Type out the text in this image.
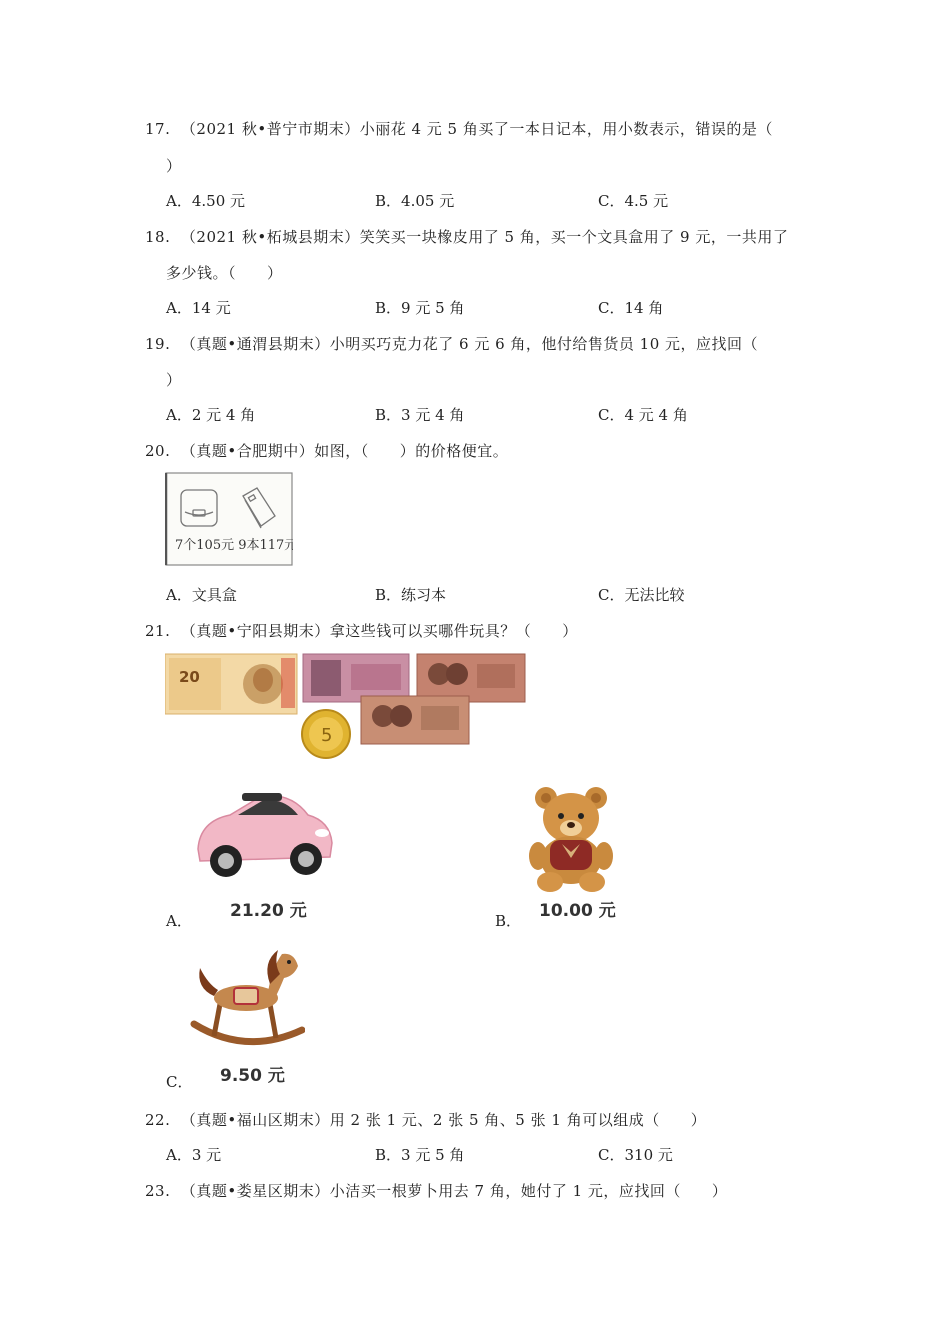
17. （2021 秋•普宁市期末）小丽花 4 元 5 角买了一本日记本，用小数表示，错误的是（
）
A．4.50 元	B．4.05 元	C．4.5 元
18. （2021 秋•柘城县期末）笑笑买一块橡皮用了 5 角，买一个文具盒用了 9 元，一共用了
多少钱。（　　）
A．14 元	B．9 元 5 角	C．14 角
19. （真题•通渭县期末）小明买巧克力花了 6 元 6 角，他付给售货员 10 元，应找回（
）
A．2 元 4 角	B．3 元 4 角	C．4 元 4 角
20. （真题•合肥期中）如图，（　　）的价格便宜。
7个105元 9本117元
A．文具盒	B．练习本	C．无法比较
21. （真题•宁阳县期末）拿这些钱可以买哪件玩具？（　　）
20
5
A． 21.20 元	B． 10.00 元
C． 9.50 元
22. （真题•福山区期末）用 2 张 1 元、2 张 5 角、5 张 1 角可以组成（　　）
A．3 元	B．3 元 5 角	C．310 元
23. （真题•娄星区期末）小洁买一根萝卜用去 7 角，她付了 1 元，应找回（　　）
